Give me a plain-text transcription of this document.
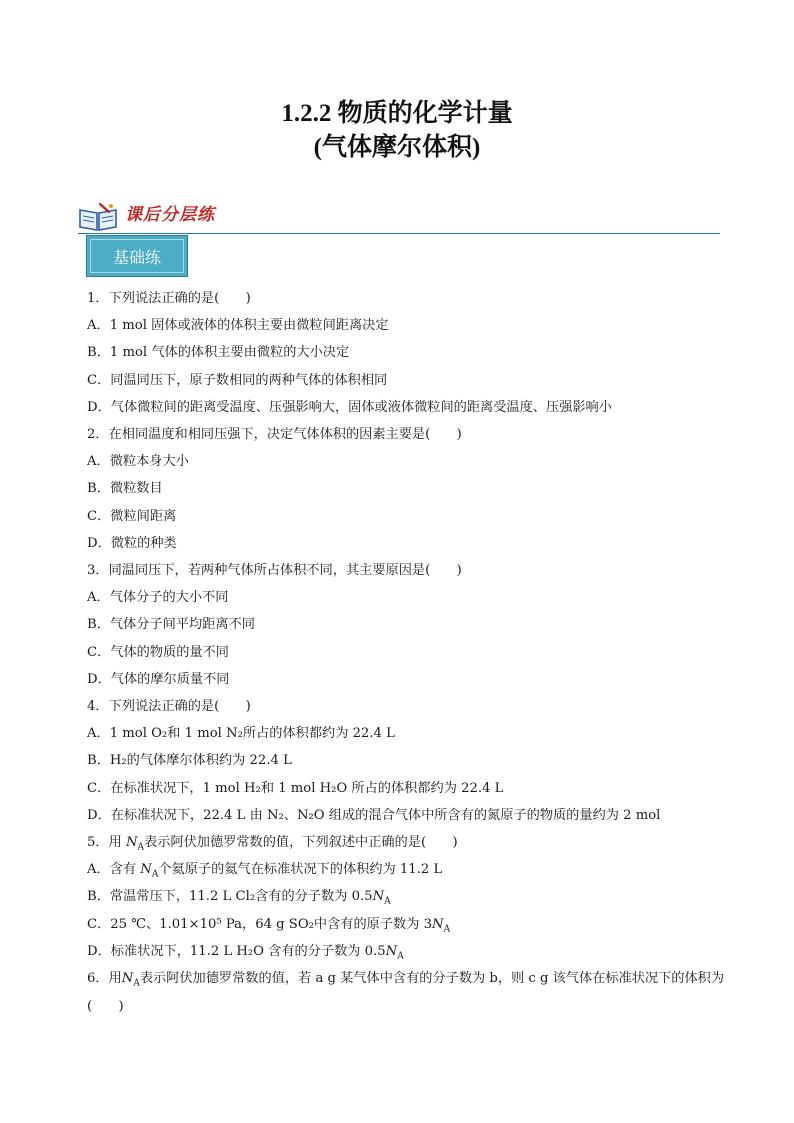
1.2.2 物质的化学计量
(气体摩尔体积)
课后分层练
基础练
1．下列说法正确的是(　　)
A．1 mol 固体或液体的体积主要由微粒间距离决定
B．1 mol 气体的体积主要由微粒的大小决定
C．同温同压下，原子数相同的两种气体的体积相同
D．气体微粒间的距离受温度、压强影响大，固体或液体微粒间的距离受温度、压强影响小
2．在相同温度和相同压强下，决定气体体积的因素主要是(　　)
A．微粒本身大小
B．微粒数目
C．微粒间距离
D．微粒的种类
3．同温同压下，若两种气体所占体积不同，其主要原因是(　　)
A．气体分子的大小不同
B．气体分子间平均距离不同
C．气体的物质的量不同
D．气体的摩尔质量不同
4．下列说法正确的是(　　)
A．1 mol O₂和 1 mol N₂所占的体积都约为 22.4 L
B．H₂的气体摩尔体积约为 22.4 L
C．在标准状况下，1 mol H₂和 1 mol H₂O 所占的体积都约为 22.4 L
D．在标准状况下，22.4 L 由 N₂、N₂O 组成的混合气体中所含有的氮原子的物质的量约为 2 mol
5．用 $N_A$表示阿伏加德罗常数的值，下列叙述中正确的是(　　)
A．含有 $N_A$个氦原子的氦气在标准状况下的体积约为 11.2 L
B．常温常压下，11.2 L Cl₂含有的分子数为 $0.5N_A$
C．25 ℃、1.01×10⁵ Pa，64 g SO₂中含有的原子数为 $3N_A$
D．标准状况下，11.2 L H₂O 含有的分子数为 $0.5N_A$
6．用$N_A$表示阿伏加德罗常数的值，若 a g 某气体中含有的分子数为 b，则 c g 该气体在标准状况下的体积为(　　)
